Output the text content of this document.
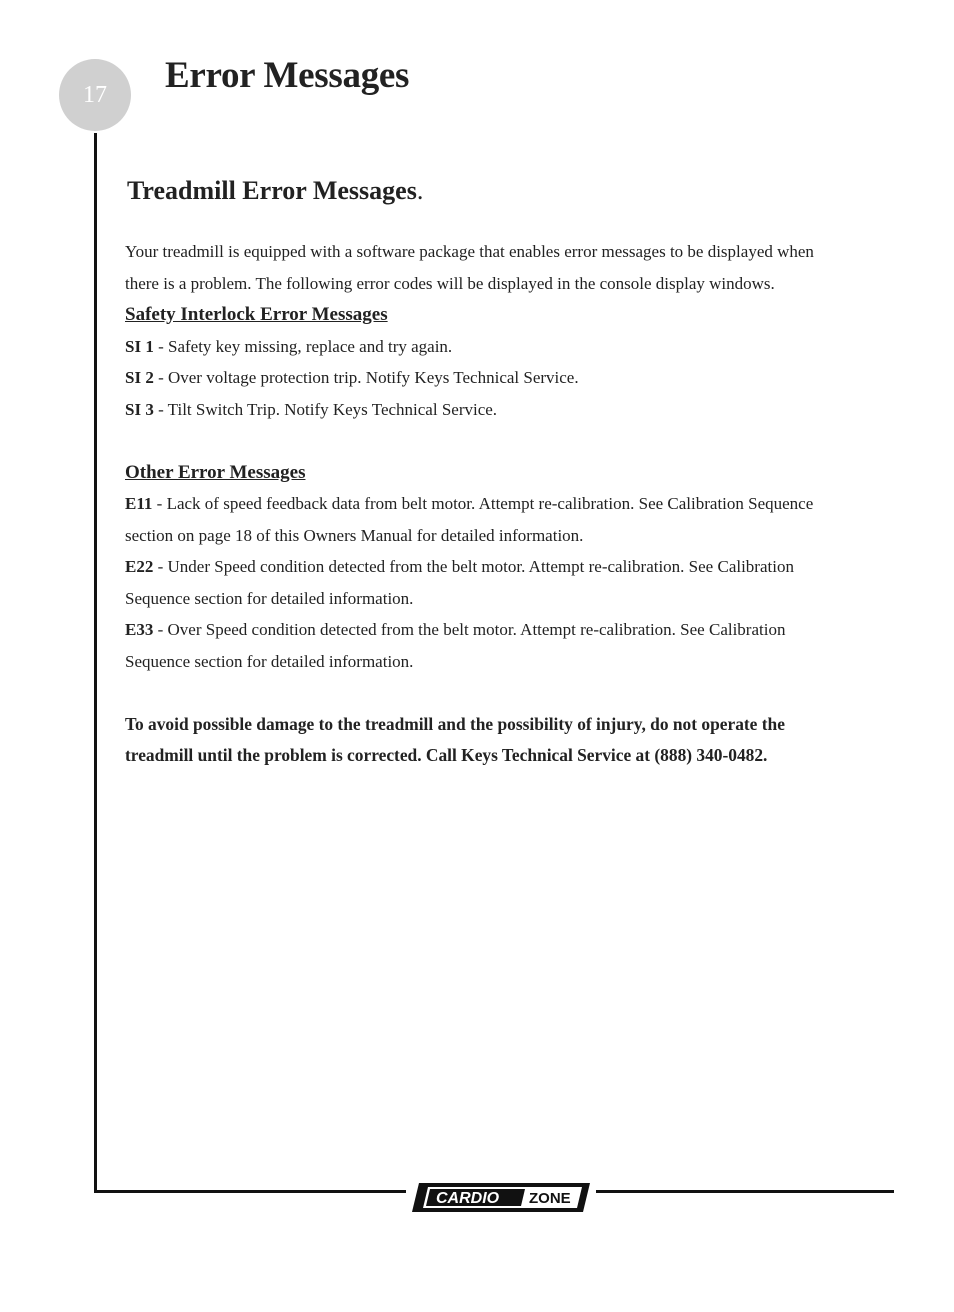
17 Error Messages
Treadmill Error Messages.

Your treadmill is equipped with a software package that enables error messages to be displayed when

there is a problem. The following error codes will be displayed in the console display windows.

Safety Interlock Error Messages

SI 1 - Safety key missing, replace and try again.

SI 2 - Over voltage protection trip. Notify Keys Technical Service.

SI 3 - Tilt Switch Trip. Notify Keys Technical Service.

Other Error Messages

E11 - Lack of speed feedback data from belt motor. Attempt re-calibration. See Calibration Sequence

section on page 18 of this Owners Manual for detailed information.

E22 - Under Speed condition detected from the belt motor. Attempt re-calibration. See Calibration

Sequence section for detailed information.

E33 - Over Speed condition detected from the belt motor. Attempt re-calibration. See Calibration

Sequence section for detailed information.

To avoid possible damage to the treadmill and the possibility of injury, do not operate the

treadmill until the problem is corrected. Call Keys Technical Service at (888) 340-0482.

CARDIO ZONE
